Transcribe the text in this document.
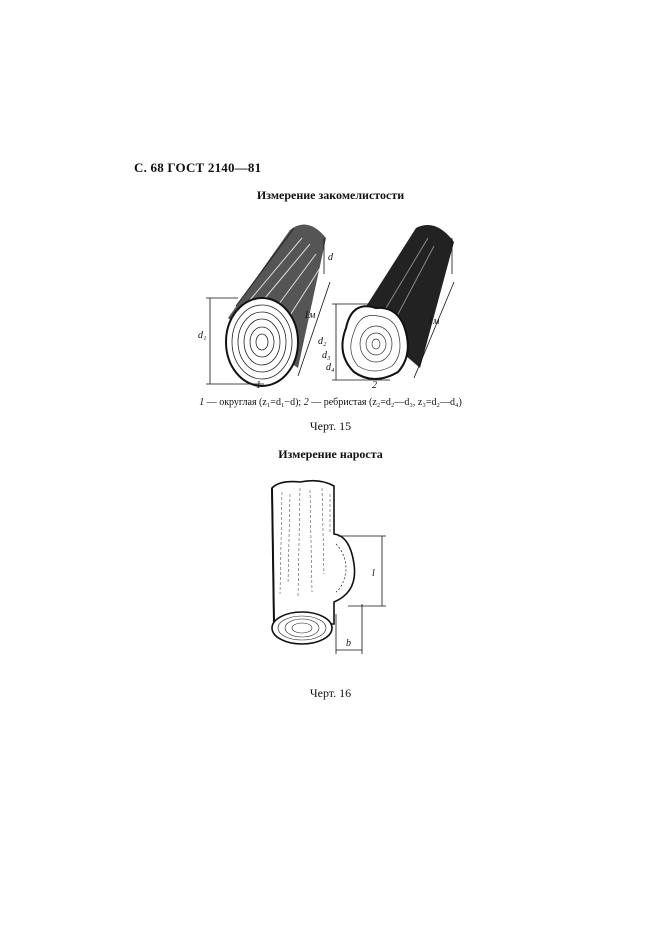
С. 68 ГОСТ 2140—81
Измерение закомелистости
d₁
d
1м
1
d₂
d₃
d₄
1м
2
1 — округлая (z₁=d₁−d); 2 — ребристая (z₂=d₂—d₃, z₃=d₂—d₄)
Черт. 15
Измерение нароста
l
b
Черт. 16
